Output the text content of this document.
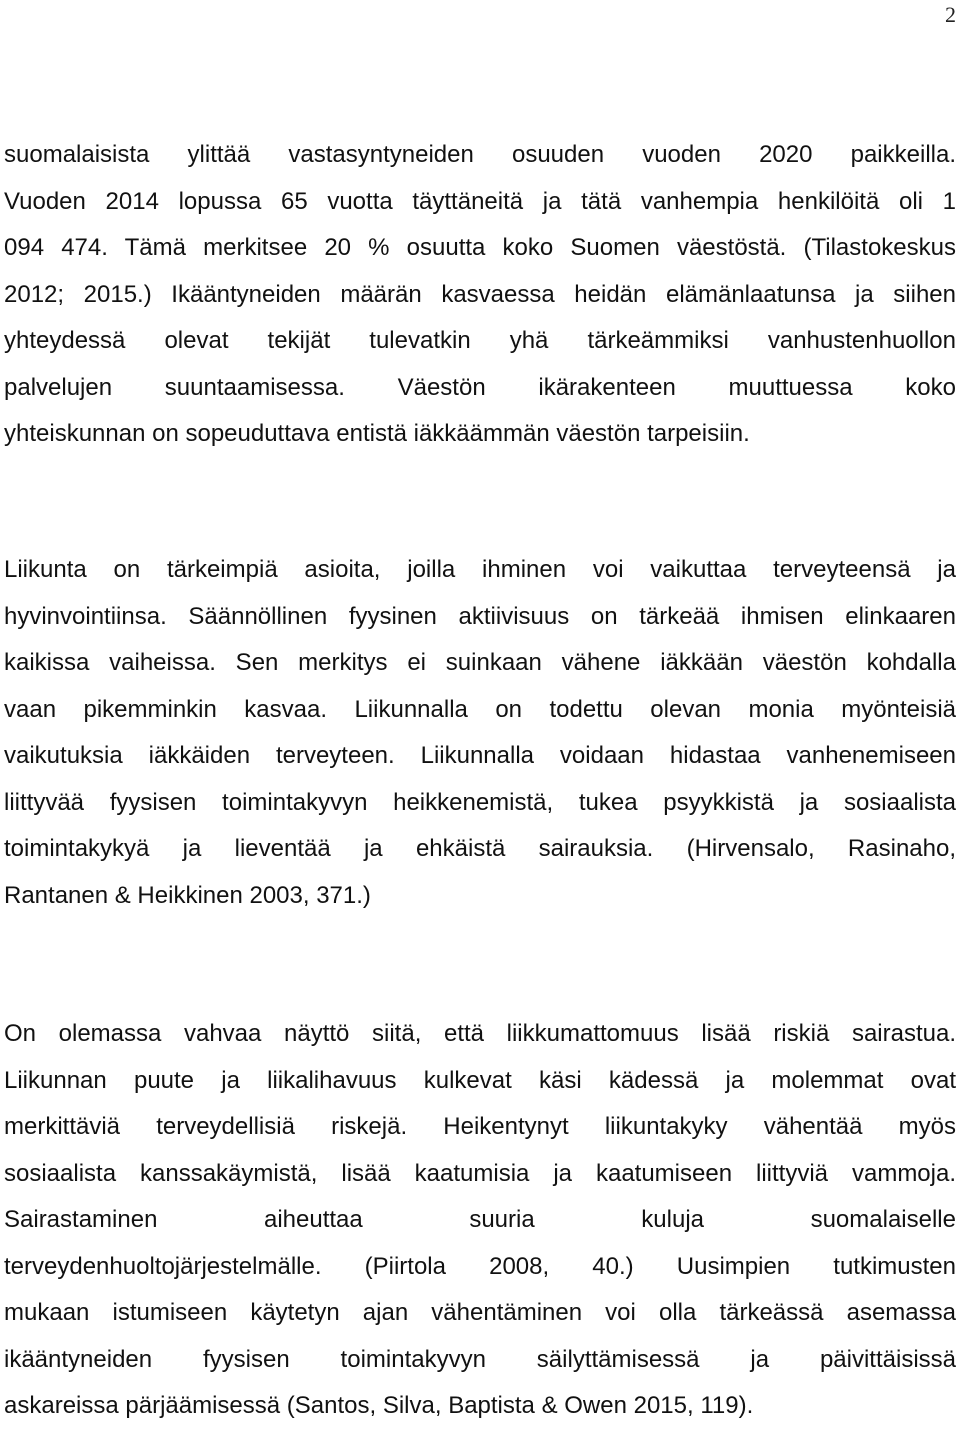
2
suomalaisista ylittää vastasyntyneiden osuuden vuoden 2020 paikkeilla.
Vuoden 2014 lopussa 65 vuotta täyttäneitä ja tätä vanhempia henkilöitä oli 1
094 474. Tämä merkitsee 20 % osuutta koko Suomen väestöstä. (Tilastokeskus
2012; 2015.) Ikääntyneiden määrän kasvaessa heidän elämänlaatunsa ja siihen
yhteydessä olevat tekijät tulevatkin yhä tärkeämmiksi vanhustenhuollon
palvelujen suuntaamisessa. Väestön ikärakenteen muuttuessa koko
yhteiskunnan on sopeuduttava entistä iäkkäämmän väestön tarpeisiin.
Liikunta on tärkeimpiä asioita, joilla ihminen voi vaikuttaa terveyteensä ja
hyvinvointiinsa. Säännöllinen fyysinen aktiivisuus on tärkeää ihmisen elinkaaren
kaikissa vaiheissa. Sen merkitys ei suinkaan vähene iäkkään väestön kohdalla
vaan pikemminkin kasvaa. Liikunnalla on todettu olevan monia myönteisiä
vaikutuksia iäkkäiden terveyteen. Liikunnalla voidaan hidastaa vanhenemiseen
liittyvää fyysisen toimintakyvyn heikkenemistä, tukea psyykkistä ja sosiaalista
toimintakykyä ja lieventää ja ehkäistä sairauksia. (Hirvensalo, Rasinaho,
Rantanen & Heikkinen 2003, 371.)
On olemassa vahvaa näyttö siitä, että liikkumattomuus lisää riskiä sairastua.
Liikunnan puute ja liikalihavuus kulkevat käsi kädessä ja molemmat ovat
merkittäviä terveydellisiä riskejä. Heikentynyt liikuntakyky vähentää myös
sosiaalista kanssakäymistä, lisää kaatumisia ja kaatumiseen liittyviä vammoja.
Sairastaminen aiheuttaa suuria kuluja suomalaiselle
terveydenhuoltojärjestelmälle. (Piirtola 2008, 40.) Uusimpien tutkimusten
mukaan istumiseen käytetyn ajan vähentäminen voi olla tärkeässä asemassa
ikääntyneiden fyysisen toimintakyvyn säilyttämisessä ja päivittäisissä
askareissa pärjäämisessä (Santos, Silva, Baptista & Owen 2015, 119).
